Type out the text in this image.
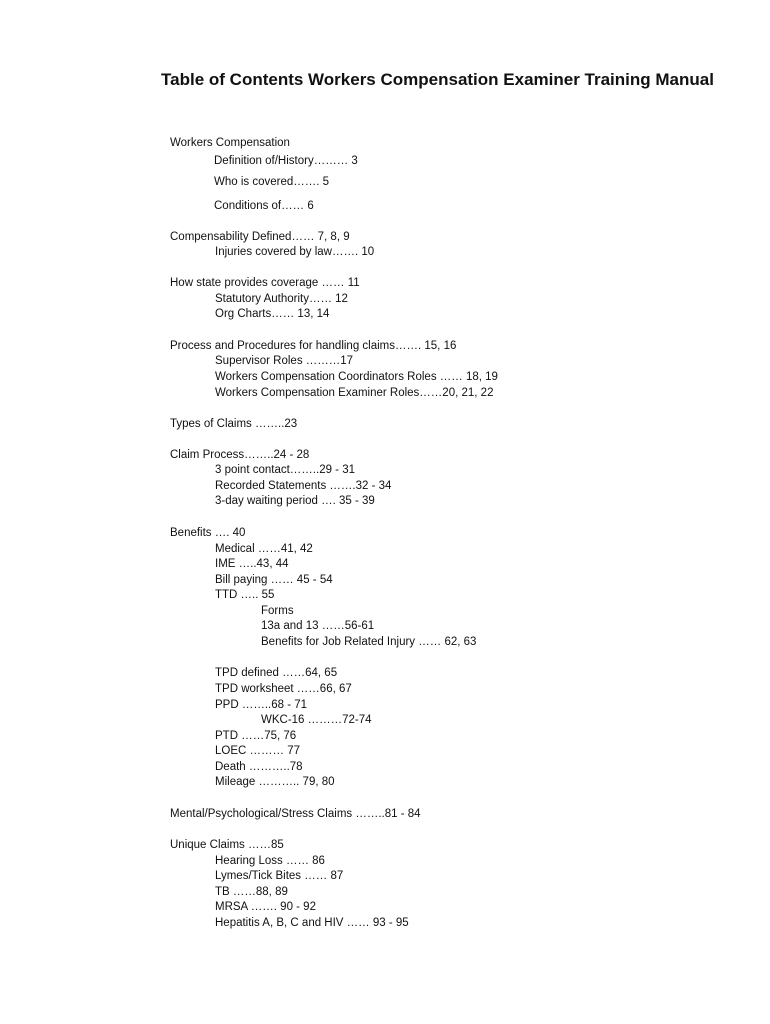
Table of Contents Workers Compensation Examiner Training Manual
Workers Compensation
Definition of/History……… 3
Who is covered……. 5
Conditions of…… 6
Compensability Defined…… 7, 8, 9
Injuries covered by law……. 10
How state provides coverage …… 11
Statutory Authority…… 12
Org Charts…… 13, 14
Process and Procedures for handling claims……. 15, 16
Supervisor Roles ………17
Workers Compensation Coordinators Roles …… 18, 19
Workers Compensation Examiner Roles……20, 21, 22
Types of Claims ……..23
Claim Process……..24 - 28
3 point contact……..29 - 31
Recorded Statements …….32 - 34
3-day waiting period …. 35 - 39
Benefits …. 40
Medical ……41, 42
IME …..43, 44
Bill paying …… 45 - 54
TTD ….. 55
Forms
13a and 13 ……56-61
Benefits for Job Related Injury …… 62, 63
TPD defined ……64, 65
TPD worksheet ……66, 67
PPD ……..68 - 71
WKC-16 ………72-74
PTD ……75, 76
LOEC ……… 77
Death ………..78
Mileage ……….. 79, 80
Mental/Psychological/Stress Claims ……..81 - 84
Unique Claims ……85
Hearing Loss …… 86
Lymes/Tick Bites …… 87
TB ……88, 89
MRSA ……. 90 - 92
Hepatitis A, B, C and HIV …… 93 - 95
